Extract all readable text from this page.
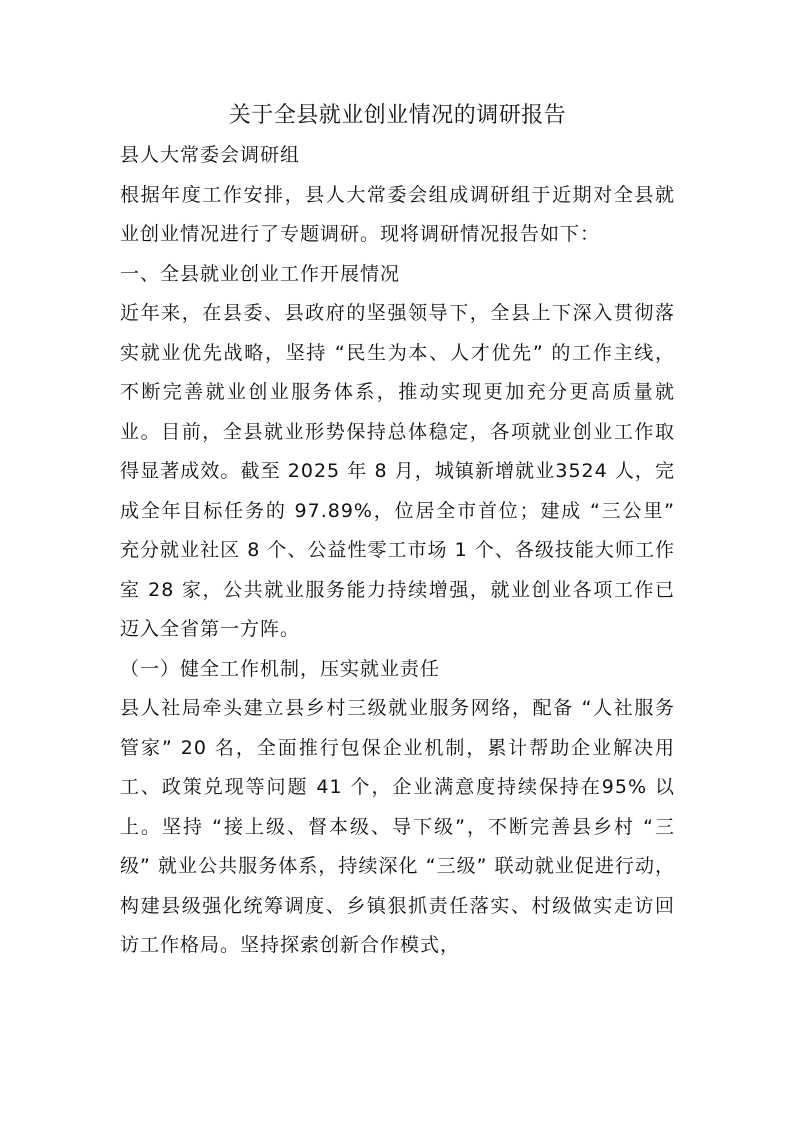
关于全县就业创业情况的调研报告

县人大常委会调研组

根据年度工作安排，县人大常委会组成调研组于近期对全县就业创业情况进行了专题调研。现将调研情况报告如下：

一、全县就业创业工作开展情况

近年来，在县委、县政府的坚强领导下，全县上下深入贯彻落实就业优先战略，坚持 “民生为本、人才优先” 的工作主线，不断完善就业创业服务体系，推动实现更加充分更高质量就业。目前，全县就业形势保持总体稳定，各项就业创业工作取得显著成效。截至 2025 年 8 月，城镇新增就业3524 人，完成全年目标任务的 97.89%，位居全市首位；建成 “三公里” 充分就业社区 8 个、公益性零工市场 1 个、各级技能大师工作室 28 家，公共就业服务能力持续增强，就业创业各项工作已迈入全省第一方阵。

（一）健全工作机制，压实就业责任

县人社局牵头建立县乡村三级就业服务网络，配备 “人社服务管家” 20 名，全面推行包保企业机制，累计帮助企业解决用工、政策兑现等问题 41 个，企业满意度持续保持在95% 以上。坚持 “接上级、督本级、导下级”，不断完善县乡村 “三级” 就业公共服务体系，持续深化 “三级” 联动就业促进行动，构建县级强化统筹调度、乡镇狠抓责任落实、村级做实走访回访工作格局。坚持探索创新合作模式，
